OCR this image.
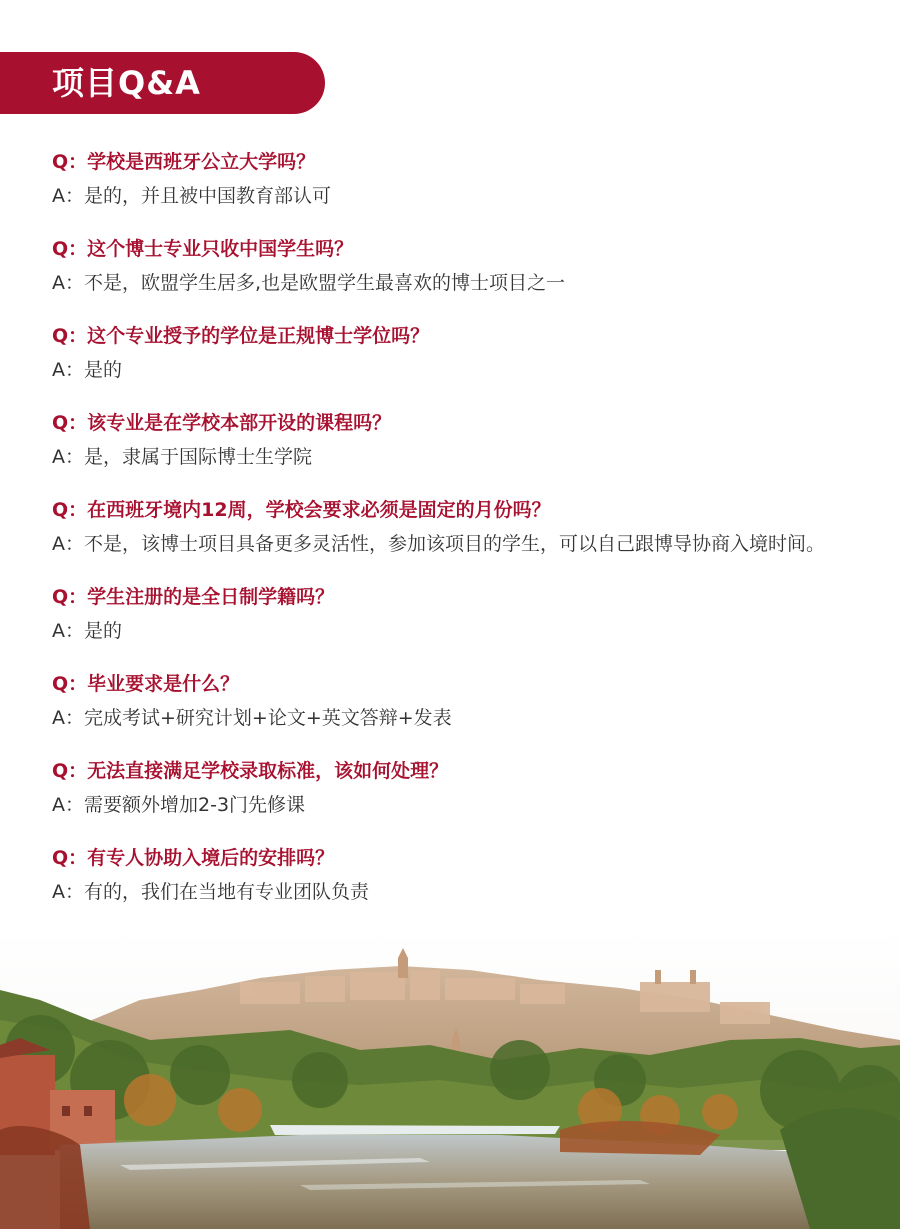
项目Q&A
Q：学校是西班牙公立大学吗？
A：是的，并且被中国教育部认可
Q：这个博士专业只收中国学生吗？
A：不是，欧盟学生居多,也是欧盟学生最喜欢的博士项目之一
Q：这个专业授予的学位是正规博士学位吗？
A：是的
Q：该专业是在学校本部开设的课程吗？
A：是，隶属于国际博士生学院
Q：在西班牙境内12周，学校会要求必须是固定的月份吗？
A：不是，该博士项目具备更多灵活性，参加该项目的学生，可以自己跟博导协商入境时间。
Q：学生注册的是全日制学籍吗？
A：是的
Q：毕业要求是什么？
A：完成考试+研究计划+论文+英文答辩+发表
Q：无法直接满足学校录取标准，该如何处理？
A：需要额外增加2-3门先修课
Q：有专人协助入境后的安排吗？
A：有的，我们在当地有专业团队负责
